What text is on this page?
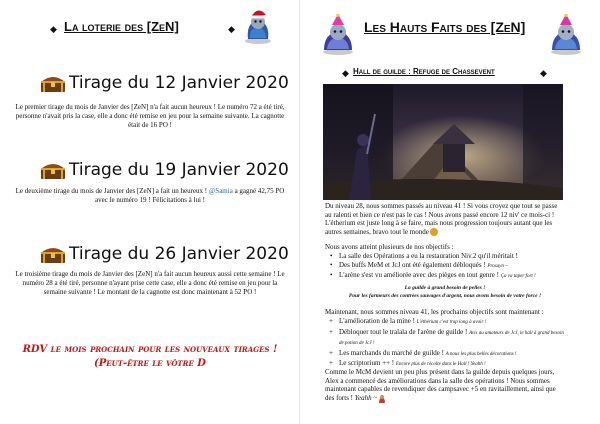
◆ La loterie des [ZeN]	◆
Tirage du 12 Janvier 2020

Le premier tirage du mois de Janvier des [ZeN] n'a fait aucun heureux ! Le numéro 72 a été tiré, personne n'avait pris la case, elle a donc été remise en jeu pour la semaine suivante. La cagnotte était de 16 PO !

Tirage du 19 Janvier 2020

Le deuxième tirage du mois de Janvier des [ZeN] a fait un heureux ! @Samia a gagné 42,75 PO avec le numéro 19 ! Félicitations à lui !

Tirage du 26 Janvier 2020

Le troisième tirage du mois de Janvier des [ZeN] n'a fait aucun heureux aussi cette semaine ! Le numéro 28 a été tiré, personne n'ayant prise cette case, elle a donc été remise en jeu pour la semaine suivante ! Le montant de la cagnotte est donc maintenant à 52 PO !

RDV le mois prochain pour les nouveaux tirages !
(Peut-être le vôtre D
Les Hauts Faits des [ZeN]
◆ Hall de guilde : Refuge de Chassevent	◆

Du niveau 28, nous sommes passés au niveau 41 ! Si vous croyez que tout se passe au ralenti et bien ce n'est pas le cas ! Nous avons passé encore 12 niv' ce mois-ci ! L'étherium est juste long à se faire, mais nous progression toujours autant que les autres semaines, bravo tout le monde

Nous avons atteint plusieurs de nos objectifs :

• La salle des Opérations a eu la restauration Niv.2 qu'il méritait !
• Des buffs MeM et JcJ ont été également débloqués ! Prosayn ~
• L'arène s'est vu améliorée avec des pièges en tout genre ! Ça va taper fort !

La guilde à grand besoin de pelles !

Pour les farmeurs des contrées sauvages d'argent, nous avons besoin de votre force !

Maintenant, nous sommes niveau 41, les prochains objectifs sont maintenant :

+ L'amélioration de la mine ! L'éthérium c'est trop long à avoir !
+ Débloquer tout le tralala de l'arène de guilde ! Avis au amateurs de JcJ, le hall à grand besoin de potion de JcJ !
+ Les marchands du marché de guilde ! A nous les plus belles décorations !
+ Le scriptorium ++ ! Encore plus de récolte dans le Hall ! Yeahh !

Comme le McM devient un peu plus présent dans la guilde depuis quelques jours, Alex a commencé des améliorations dans la salle des opérations ! Nous sommes maintenant capables de revendiquer des campsavec +5 en ravitaillement, ainsi que des forts ! Yeahh ~
